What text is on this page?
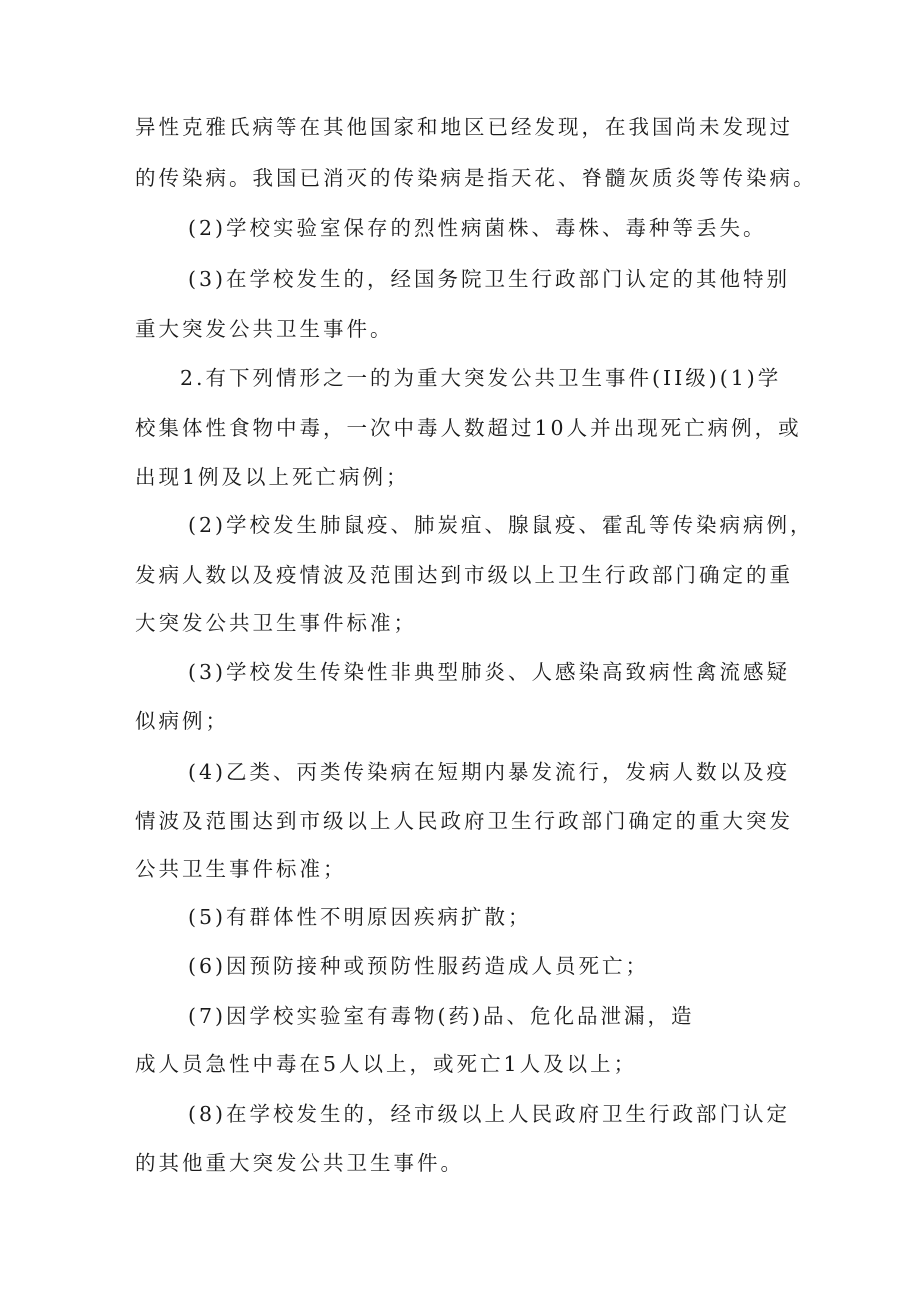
异性克雅氏病等在其他国家和地区已经发现，在我国尚未发现过
的传染病。我国已消灭的传染病是指天花、脊髓灰质炎等传染病。
(2)学校实验室保存的烈性病菌株、毒株、毒种等丢失。
(3)在学校发生的，经国务院卫生行政部门认定的其他特别
重大突发公共卫生事件。
2.有下列情形之一的为重大突发公共卫生事件(II级)(1)学
校集体性食物中毒，一次中毒人数超过10人并出现死亡病例，或
出现1例及以上死亡病例；
(2)学校发生肺鼠疫、肺炭疽、腺鼠疫、霍乱等传染病病例，
发病人数以及疫情波及范围达到市级以上卫生行政部门确定的重
大突发公共卫生事件标准；
(3)学校发生传染性非典型肺炎、人感染高致病性禽流感疑
似病例；
(4)乙类、丙类传染病在短期内暴发流行，发病人数以及疫
情波及范围达到市级以上人民政府卫生行政部门确定的重大突发
公共卫生事件标准；
(5)有群体性不明原因疾病扩散；
(6)因预防接种或预防性服药造成人员死亡；
(7)因学校实验室有毒物(药)品、危化品泄漏，造
成人员急性中毒在5人以上，或死亡1人及以上；
(8)在学校发生的，经市级以上人民政府卫生行政部门认定
的其他重大突发公共卫生事件。
